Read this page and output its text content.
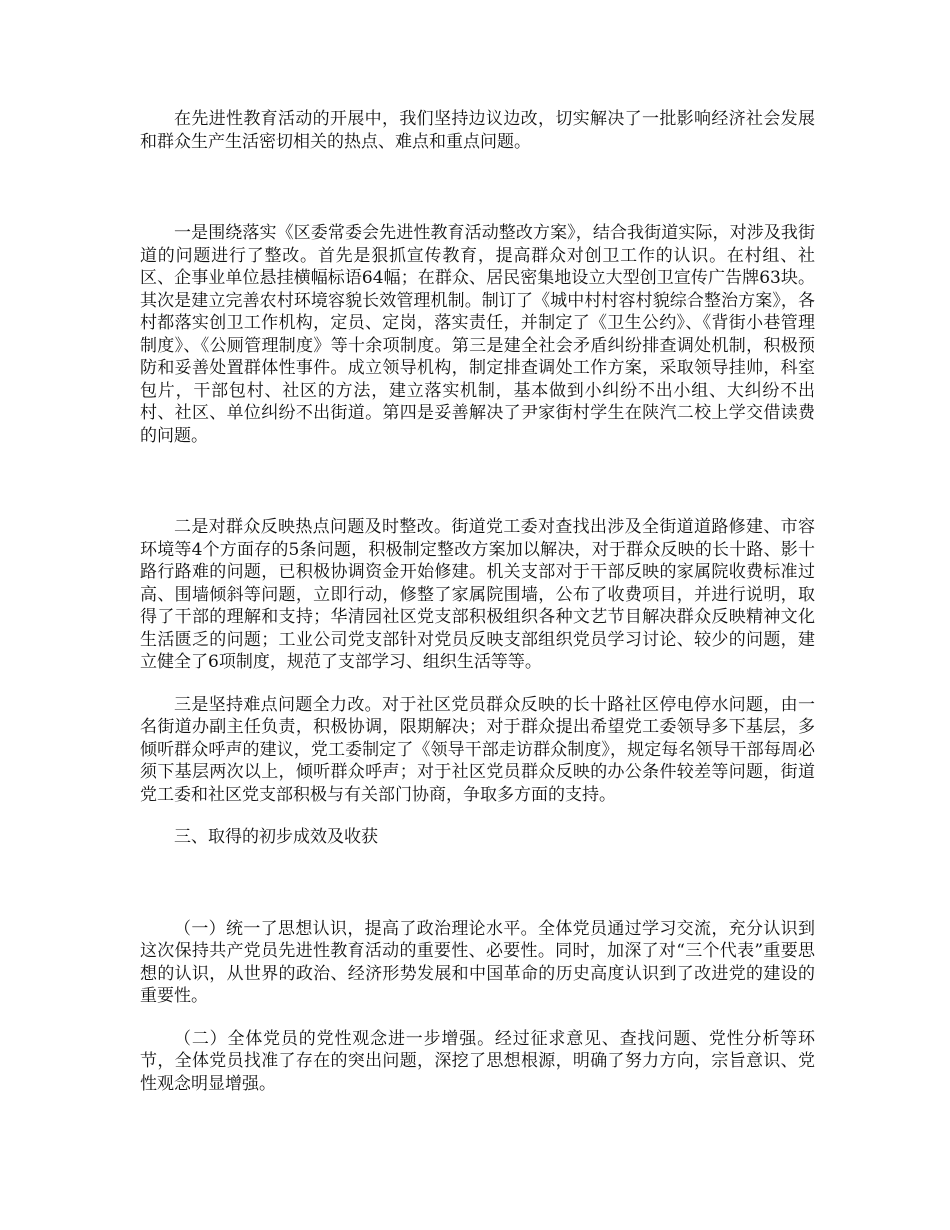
在先进性教育活动的开展中，我们坚持边议边改，切实解决了一批影响经济社会发展和群众生产生活密切相关的热点、难点和重点问题。

一是围绕落实《区委常委会先进性教育活动整改方案》，结合我街道实际，对涉及我街道的问题进行了整改。首先是狠抓宣传教育，提高群众对创卫工作的认识。在村组、社区、企事业单位悬挂横幅标语64幅；在群众、居民密集地设立大型创卫宣传广告牌63块。其次是建立完善农村环境容貌长效管理机制。制订了《城中村村容村貌综合整治方案》，各村都落实创卫工作机构，定员、定岗，落实责任，并制定了《卫生公约》、《背街小巷管理制度》、《公厕管理制度》等十余项制度。第三是建全社会矛盾纠纷排查调处机制，积极预防和妥善处置群体性事件。成立领导机构，制定排查调处工作方案，采取领导挂帅，科室包片，干部包村、社区的方法，建立落实机制，基本做到小纠纷不出小组、大纠纷不出村、社区、单位纠纷不出街道。第四是妥善解决了尹家街村学生在陕汽二校上学交借读费的问题。

二是对群众反映热点问题及时整改。街道党工委对查找出涉及全街道道路修建、市容环境等4个方面存的5条问题，积极制定整改方案加以解决，对于群众反映的长十路、影十路行路难的问题，已积极协调资金开始修建。机关支部对于干部反映的家属院收费标准过高、围墙倾斜等问题，立即行动，修整了家属院围墙，公布了收费项目，并进行说明，取得了干部的理解和支持；华清园社区党支部积极组织各种文艺节目解决群众反映精神文化生活匮乏的问题；工业公司党支部针对党员反映支部组织党员学习讨论、较少的问题，建立健全了6项制度，规范了支部学习、组织生活等等。

三是坚持难点问题全力改。对于社区党员群众反映的长十路社区停电停水问题，由一名街道办副主任负责，积极协调，限期解决；对于群众提出希望党工委领导多下基层，多倾听群众呼声的建议，党工委制定了《领导干部走访群众制度》，规定每名领导干部每周必须下基层两次以上，倾听群众呼声；对于社区党员群众反映的办公条件较差等问题，街道党工委和社区党支部积极与有关部门协商，争取多方面的支持。

三、取得的初步成效及收获

（一）统一了思想认识，提高了政治理论水平。全体党员通过学习交流，充分认识到这次保持共产党员先进性教育活动的重要性、必要性。同时，加深了对“三个代表”重要思想的认识，从世界的政治、经济形势发展和中国革命的历史高度认识到了改进党的建设的重要性。

（二）全体党员的党性观念进一步增强。经过征求意见、查找问题、党性分析等环节，全体党员找准了存在的突出问题，深挖了思想根源，明确了努力方向，宗旨意识、党性观念明显增强。
